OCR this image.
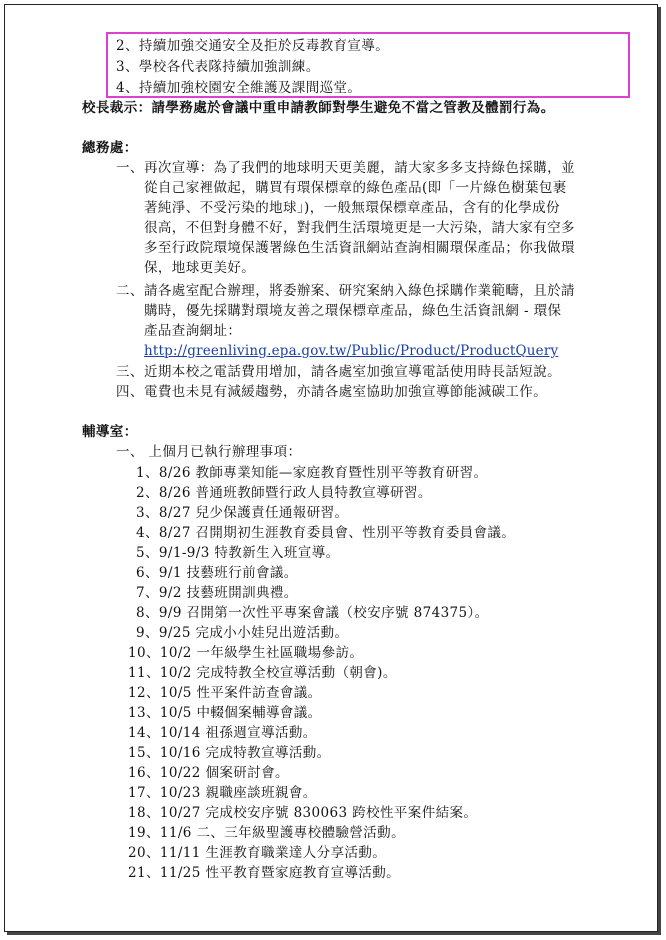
2、持續加強交通安全及拒於反毒教育宣導。
3、學校各代表隊持續加強訓練。
4、持續加強校園安全維護及課間巡堂。
校長裁示：請學務處於會議中重申請教師對學生避免不當之管教及體罰行為。
總務處：
一、 再次宣導：為了我們的地球明天更美麗，請大家多多支持綠色採購，並
從自己家裡做起，購買有環保標章的綠色產品(即「一片綠色樹葉包裹
著純淨、不受污染的地球」)，一般無環保標章產品，含有的化學成份
很高，不但對身體不好，對我們生活環境更是一大污染，請大家有空多
多至行政院環境保護署綠色生活資訊網站查詢相關環保產品；你我做環
保，地球更美好。
二、 請各處室配合辦理，將委辦案、研究案納入綠色採購作業範疇，且於請
購時，優先採購對環境友善之環保標章產品，綠色生活資訊網 - 環保
產品查詢網址：
http://greenliving.epa.gov.tw/Public/Product/ProductQuery
三、 近期本校之電話費用增加，請各處室加強宣導電話使用時長話短說。
四、 電費也未見有減緩趨勢，亦請各處室協助加強宣導節能減碳工作。
輔導室：
一、 上個月已執行辦理事項：
1、8/26 教師專業知能—家庭教育暨性別平等教育研習。
2、8/26 普通班教師暨行政人員特教宣導研習。
3、8/27 兒少保護責任通報研習。
4、8/27 召開期初生涯教育委員會、性別平等教育委員會議。
5、9/1-9/3 特教新生入班宣導。
6、9/1 技藝班行前會議。
7、9/2 技藝班開訓典禮。
8、9/9 召開第一次性平專案會議（校安序號 874375）。
9、9/25 完成小小娃兒出遊活動。
10、10/2 一年級學生社區職場參訪。
11、10/2 完成特教全校宣導活動（朝會)。
12、10/5 性平案件訪查會議。
13、10/5 中輟個案輔導會議。
14、10/14 祖孫週宣導活動。
15、10/16 完成特教宣導活動。
16、10/22 個案研討會。
17、10/23 親職座談班親會。
18、10/27 完成校安序號 830063 跨校性平案件結案。
19、11/6 二、三年級聖護專校體驗營活動。
20、11/11 生涯教育職業達人分享活動。
21、11/25 性平教育暨家庭教育宣導活動。
